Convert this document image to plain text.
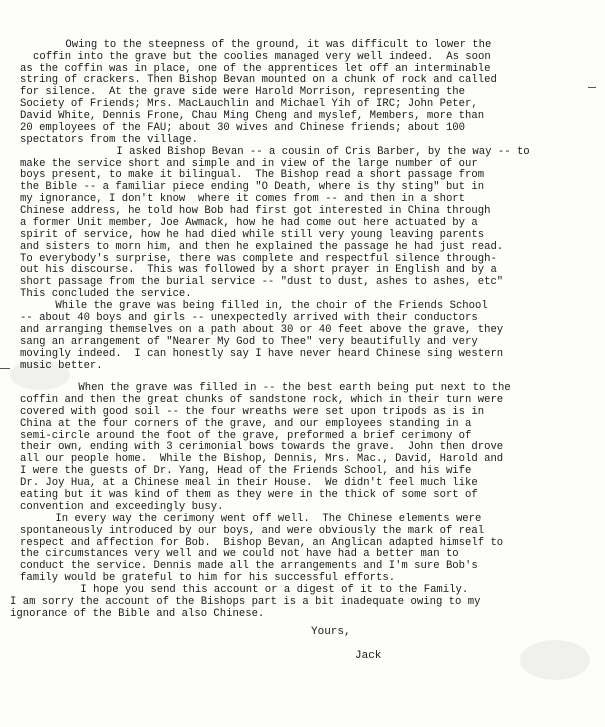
Owing to the steepness of the ground, it was difficult to lower the
coffin into the grave but the coolies managed very well indeed.  As soon
as the coffin was in place, one of the apprentices let off an interminable
string of crackers. Then Bishop Bevan mounted on a chunk of rock and called
for silence.  At the grave side were Harold Morrison, representing the
Society of Friends; Mrs. MacLauchlin and Michael Yih of IRC; John Peter,
David White, Dennis Frone, Chau Ming Cheng and myslef, Members, more than
20 employees of the FAU; about 30 wives and Chinese friends; about 100
spectators from the village.
I asked Bishop Bevan -- a cousin of Cris Barber, by the way -- to
make the service short and simple and in view of the large number of our
boys present, to make it bilingual.  The Bishop read a short passage from
the Bible -- a familiar piece ending "O Death, where is thy sting" but in
my ignorance, I don't know  where it comes from -- and then in a short
Chinese address, he told how Bob had first got interested in China through
a former Unit member, Joe Awmack, how he had come out here actuated by a
spirit of service, how he had died while still very young leaving parents
and sisters to morn him, and then he explained the passage he had just read.
To everybody's surprise, there was complete and respectful silence through-
out his discourse.  This was followed by a short prayer in English and by a
short passage from the burial service -- "dust to dust, ashes to ashes, etc"
This concluded the service.
While the grave was being filled in, the choir of the Friends School
-- about 40 boys and girls -- unexpectedly arrived with their conductors
and arranging themselves on a path about 30 or 40 feet above the grave, they
sang an arrangement of "Nearer My God to Thee" very beautifully and very
movingly indeed.  I can honestly say I have never heard Chinese sing western
music better.
When the grave was filled in -- the best earth being put next to the
coffin and then the great chunks of sandstone rock, which in their turn were
covered with good soil -- the four wreaths were set upon tripods as is in
China at the four corners of the grave, and our employees standing in a
semi-circle around the foot of the grave, preformed a brief cerimony of
their own, ending with 3 cerimonial bows towards the grave.  John then drove
all our people home.  While the Bishop, Dennis, Mrs. Mac., David, Harold and
I were the guests of Dr. Yang, Head of the Friends School, and his wife
Dr. Joy Hua, at a Chinese meal in their House.  We didn't feel much like
eating but it was kind of them as they were in the thick of some sort of
convention and exceedingly busy.
In every way the cerimony went off well.  The Chinese elements were
spontaneously introduced by our boys, and were obviously the mark of real
respect and affection for Bob.  Bishop Bevan, an Anglican adapted himself to
the circumstances very well and we could not have had a better man to
conduct the service. Dennis made all the arrangements and I'm sure Bob's
family would be grateful to him for his successful efforts.
I hope you send this account or a digest of it to the Family.
I am sorry the account of the Bishops part is a bit inadequate owing to my
ignorance of the Bible and also Chinese.
Yours,
Jack
